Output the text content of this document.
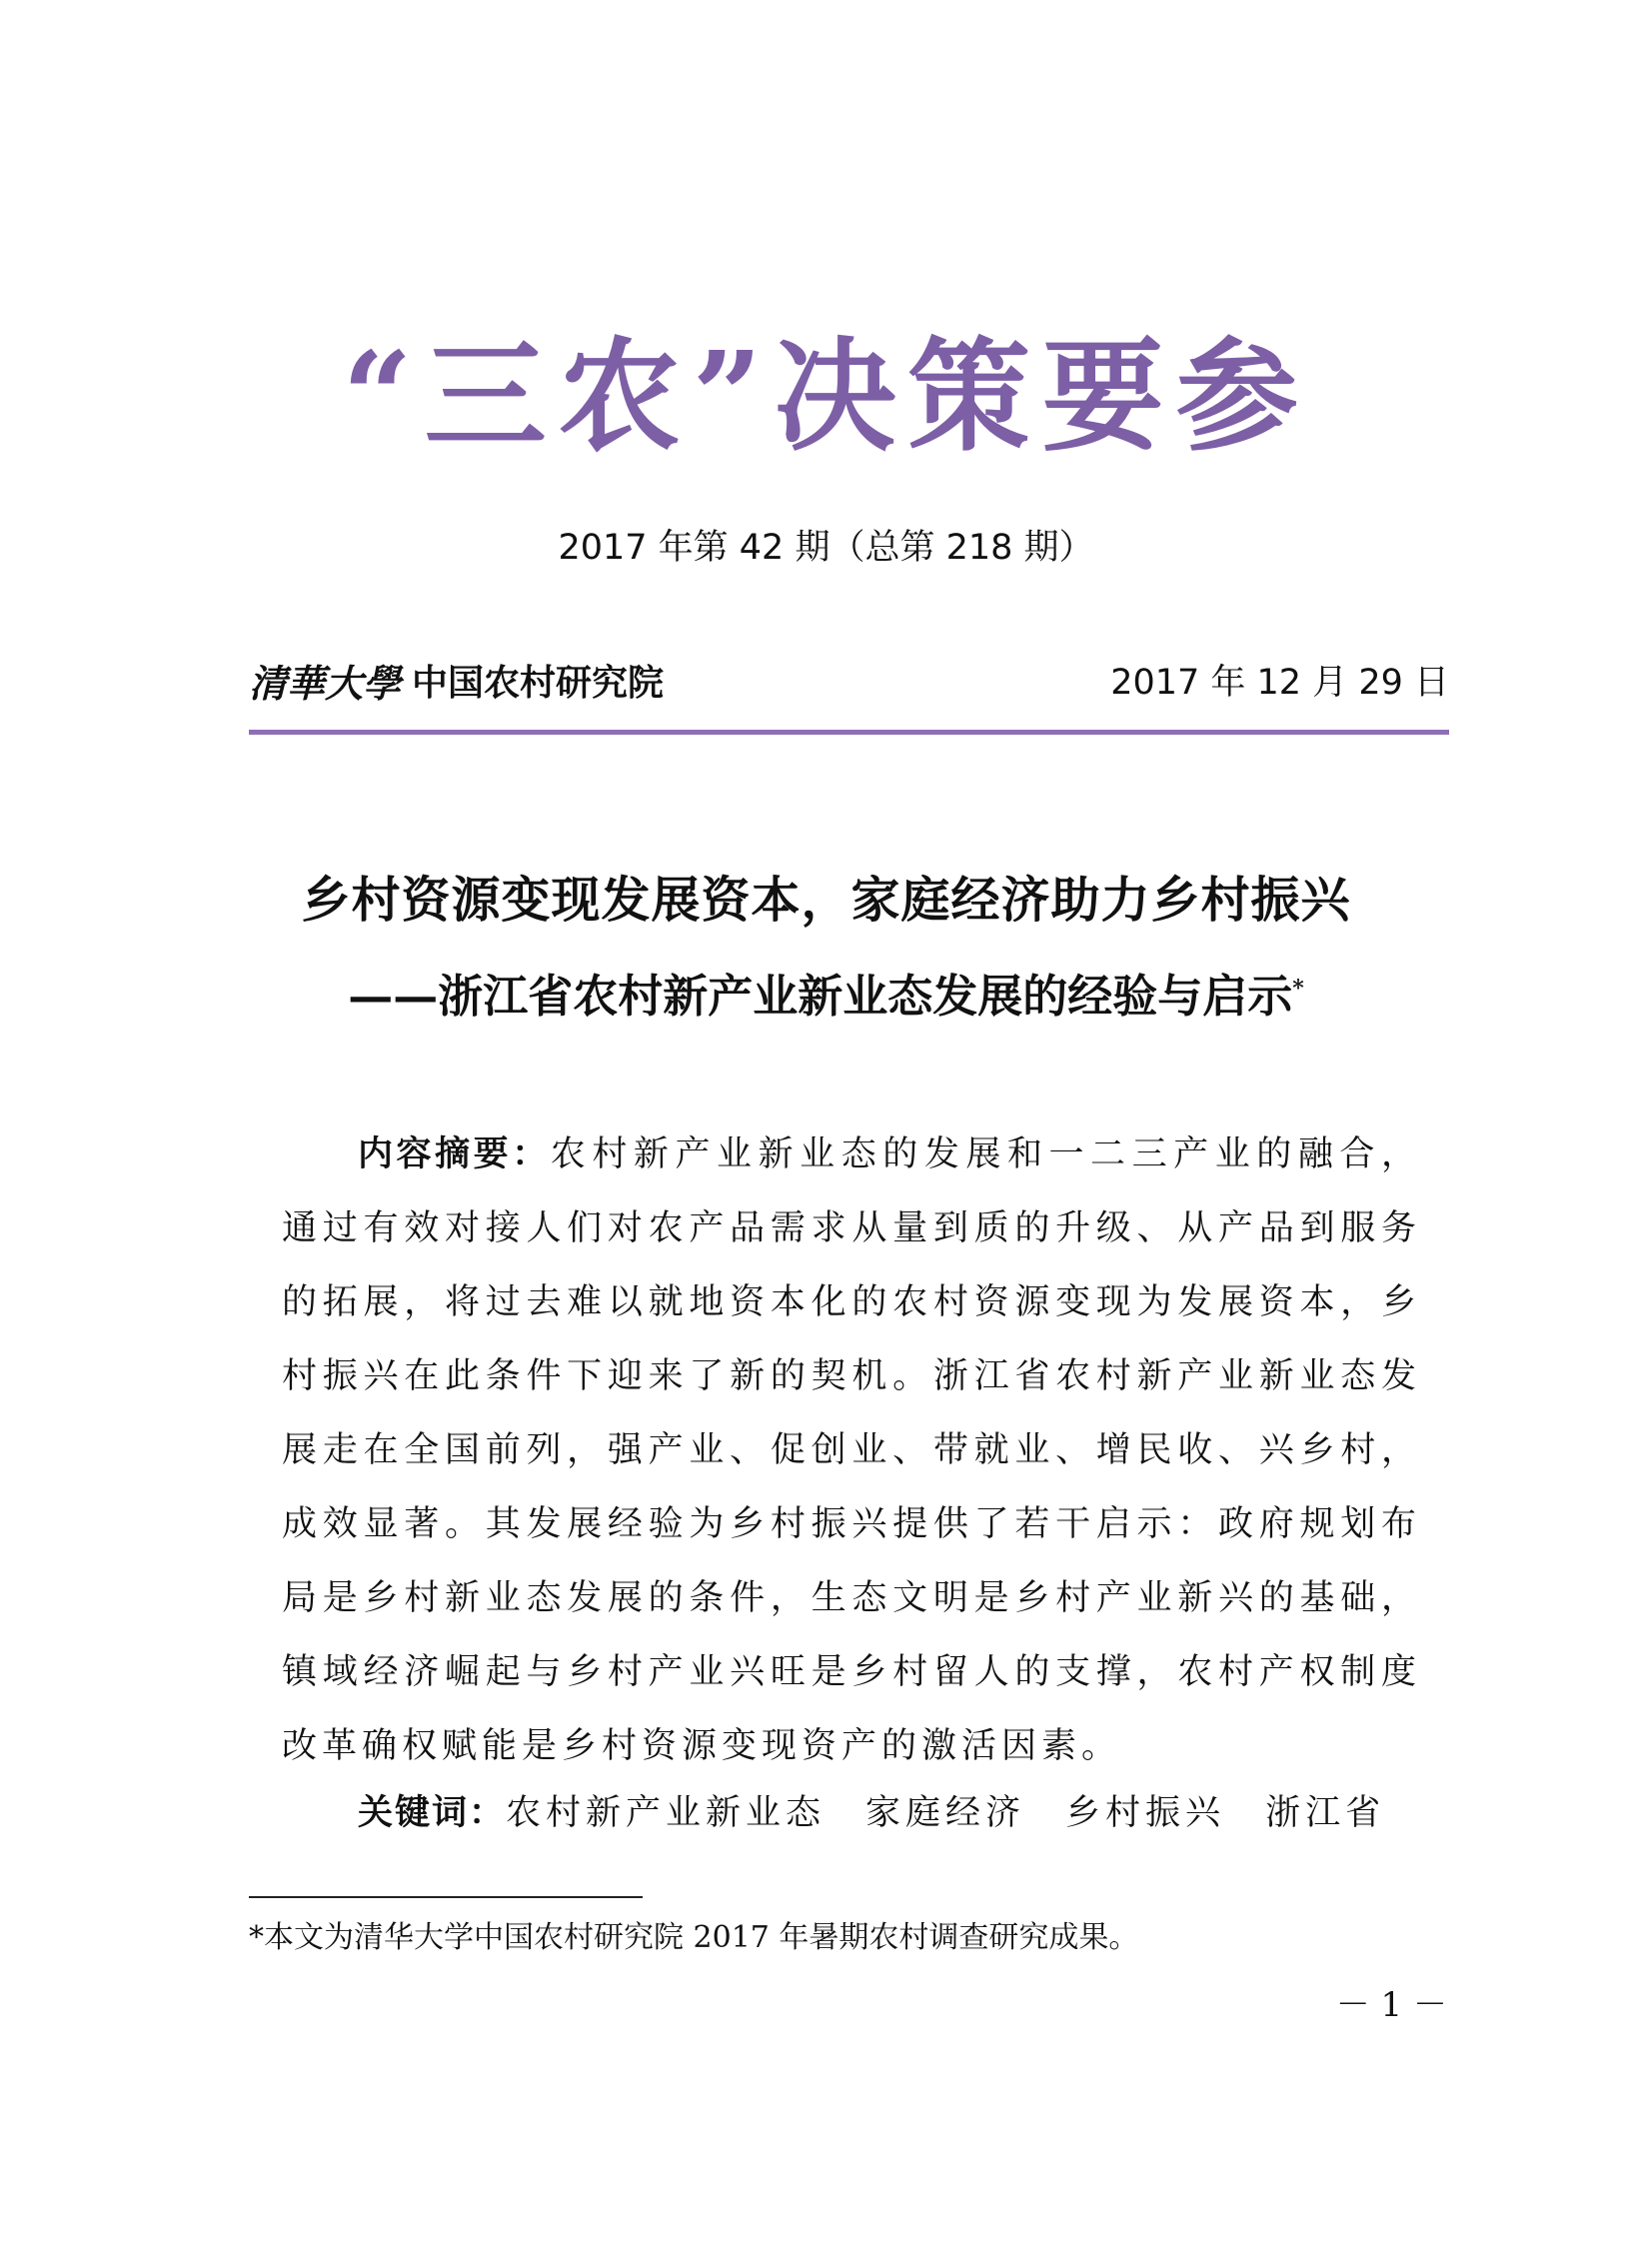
“三农”决策要参
2017 年第 42 期（总第 218 期）
清華大學 中国农村研究院	2017 年 12 月 29 日
乡村资源变现发展资本，家庭经济助力乡村振兴
——浙江省农村新产业新业态发展的经验与启示*
内容摘要：农村新产业新业态的发展和一二三产业的融合，通过有效对接人们对农产品需求从量到质的升级、从产品到服务的拓展，将过去难以就地资本化的农村资源变现为发展资本，乡村振兴在此条件下迎来了新的契机。浙江省农村新产业新业态发展走在全国前列，强产业、促创业、带就业、增民收、兴乡村，成效显著。其发展经验为乡村振兴提供了若干启示：政府规划布局是乡村新业态发展的条件，生态文明是乡村产业新兴的基础，镇域经济崛起与乡村产业兴旺是乡村留人的支撑，农村产权制度改革确权赋能是乡村资源变现资产的激活因素。
关键词：农村新产业新业态 家庭经济 乡村振兴 浙江省
*本文为清华大学中国农村研究院 2017 年暑期农村调查研究成果。
－ 1 －
